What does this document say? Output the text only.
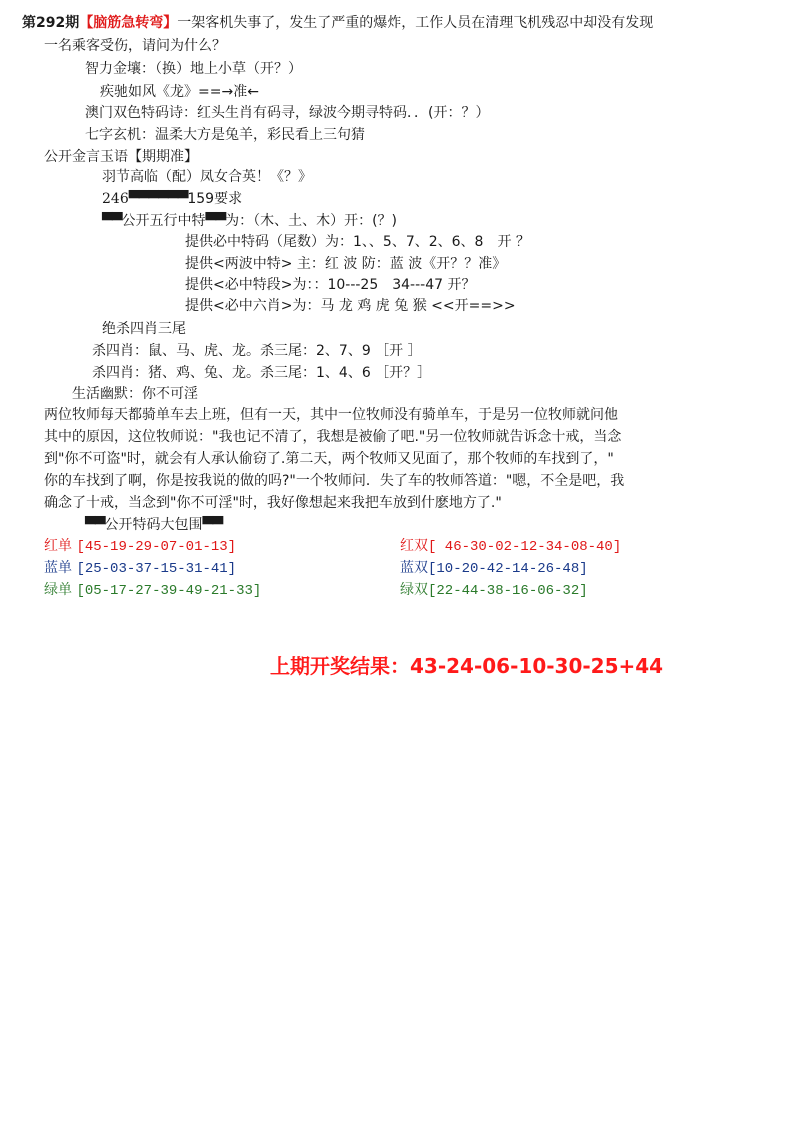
第292期【脑筋急转弯】一架客机失事了，发生了严重的爆炸，工作人员在清理飞机残忍中却没有发现
一名乘客受伤，请问为什么？
智力金壤：（换）地上小草（开？）
疾驰如风《龙》==→准←
澳门双色特码诗：红头生肖有码寻，绿波今期寻特码．．(开：？）
七字玄机：温柔大方是兔羊，彩民看上三句猜
公开金言玉语【期期准】
羽节高临（配）凤女合英！《？》
246▀▀▀▀▀▀159要求
▀▀公开五行中特▀▀为：（木、土、木）开：(？)
提供必中特码（尾数）为：1、、5、7、2、6、8　开 ？
提供<两波中特> 主：红 波 防：蓝 波《开？？准》
提供<必中特段>为：：10---25　34---47 开？
提供<必中六肖>为：马 龙 鸡 虎 兔 猴 <<开==>>
绝杀四肖三尾
杀四肖：鼠、马、虎、龙。杀三尾：2、7、9 ［开 ］
杀四肖：猪、鸡、兔、龙。杀三尾：1、4、6 ［开？］
生活幽默：你不可淫
两位牧师每天都骑单车去上班，但有一天，其中一位牧师没有骑单车，于是另一位牧师就问他
其中的原因，这位牧师说："我也记不清了，我想是被偷了吧."另一位牧师就告诉念十戒，当念
到"你不可盗"时，就会有人承认偷窃了.第二天，两个牧师又见面了，那个牧师的车找到了，"
你的车找到了啊，你是按我说的做的吗?"一个牧师问．失了车的牧师答道："嗯，不全是吧，我
确念了十戒，当念到"你不可淫"时，我好像想起来我把车放到什麽地方了."
▀▀公开特码大包围▀▀
红单 [45-19-29-07-01-13]	红双[ 46-30-02-12-34-08-40]
蓝单 [25-03-37-15-31-41]	蓝双[10-20-42-14-26-48]
绿单 [05-17-27-39-49-21-33]	绿双[22-44-38-16-06-32]
上期开奖结果：43-24-06-10-30-25+44
